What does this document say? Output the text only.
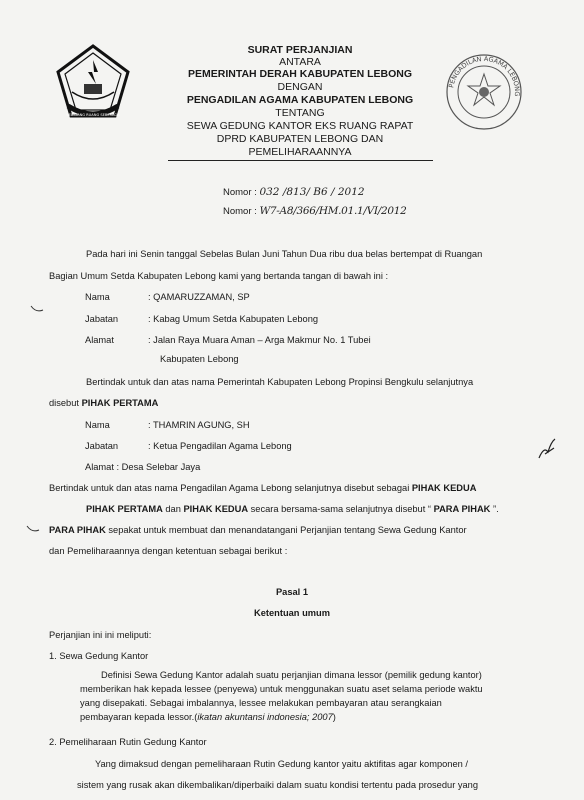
SEBIDANG RUANG SEBERAGA
SURAT PERJANJIAN
ANTARA
PEMERINTAH DERAH KABUPATEN LEBONG
DENGAN
PENGADILAN AGAMA KABUPATEN LEBONG
TENTANG
SEWA GEDUNG KANTOR EKS RUANG RAPAT
DPRD KABUPATEN LEBONG DAN
PEMELIHARAANNYA
PENGADILAN AGAMA LEBONG
Nomor : 032 /813/ B6 / 2012
Nomor : W7-A8/366/HM.01.1/VI/2012
Pada hari ini Senin tanggal Sebelas Bulan Juni Tahun Dua ribu dua belas bertempat di Ruangan
Bagian Umum Setda Kabupaten Lebong kami yang bertanda tangan di bawah ini :
Nama	: QAMARUZZAMAN, SP
Jabatan	: Kabag Umum Setda Kabupaten Lebong
Alamat	: Jalan Raya Muara Aman – Arga Makmur No. 1 Tubei
Kabupaten Lebong
Bertindak untuk dan atas nama Pemerintah Kabupaten Lebong Propinsi Bengkulu selanjutnya
disebut PIHAK PERTAMA
Nama	: THAMRIN AGUNG, SH
Jabatan	: Ketua Pengadilan Agama Lebong
Alamat : Desa Selebar Jaya
Bertindak untuk dan atas nama Pengadilan Agama Lebong selanjutnya disebut sebagai PIHAK KEDUA
PIHAK PERTAMA dan PIHAK KEDUA secara bersama-sama selanjutnya disebut “ PARA PIHAK ”.
PARA PIHAK sepakat untuk membuat dan menandatangani Perjanjian tentang Sewa Gedung Kantor
dan Pemeliharaannya dengan ketentuan sebagai berikut :
Pasal 1
Ketentuan umum
Perjanjian ini ini meliputi:
1. Sewa Gedung Kantor
Definisi Sewa Gedung Kantor adalah suatu perjanjian dimana lessor (pemilik gedung kantor)
memberikan hak kepada lessee (penyewa) untuk menggunakan suatu aset selama periode waktu
yang disepakati. Sebagai imbalannya, lessee melakukan pembayaran atau serangkaian
pembayaran kepada lessor.(ikatan akuntansi indonesia; 2007)
2. Pemeliharaan Rutin Gedung Kantor
Yang dimaksud dengan pemeliharaan Rutin Gedung kantor yaitu aktifitas agar komponen /
sistem yang rusak akan dikembalikan/diperbaiki dalam suatu kondisi tertentu pada prosedur yang
